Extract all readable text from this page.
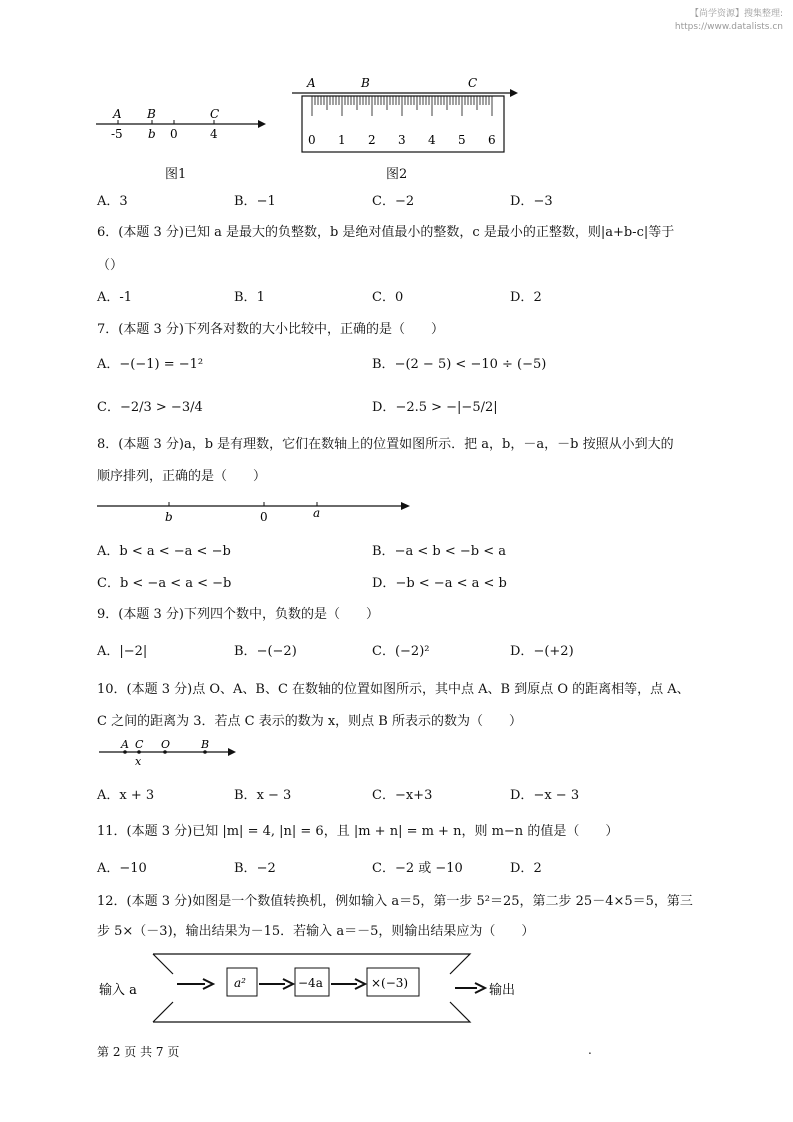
【尚学资源】搜集整理:
https://www.datalists.cn
A B	C
-5 b 0	4
图1
A	B	C
0 1 2 3 4 5 6
图2
A．3	B．−1	C．−2	D．−3
6．(本题 3 分)已知 a 是最大的负整数，b 是绝对值最小的整数，c 是最小的正整数，则|a+b-c|等于
（）
A．-1	B．1	C．0	D．2
7．(本题 3 分)下列各对数的大小比较中，正确的是（　　）
A．−(−1) = −1²	B．−(2 − 5) < −10 ÷ (−5)
C．−2/3 > −3/4	D．−2.5 > −|−5/2|
8．(本题 3 分)a，b 是有理数，它们在数轴上的位置如图所示．把 a，b，－a，－b 按照从小到大的
顺序排列，正确的是（　　）
b	0	a
A．b < a < −a < −b	B．−a < b < −b < a
C．b < −a < a < −b	D．−b < −a < a < b
9．(本题 3 分)下列四个数中，负数的是（　　）
A．|−2|	B．−(−2)	C．(−2)²	D．−(+2)
10．(本题 3 分)点 O、A、B、C 在数轴的位置如图所示，其中点 A、B 到原点 O 的距离相等，点 A、
C 之间的距离为 3．若点 C 表示的数为 x，则点 B 所表示的数为（　　）
A C O	B
x
A．x + 3	B．x − 3	C．−x+3	D．−x − 3
11．(本题 3 分)已知 |m| = 4, |n| = 6，且 |m + n| = m + n，则 m−n 的值是（　　）
A．−10	B．−2	C．−2 或 −10	D．2
12．(本题 3 分)如图是一个数值转换机，例如输入 a＝5，第一步 5²＝25，第二步 25－4×5＝5，第三
步 5×（－3)，输出结果为－15．若输入 a＝－5，则输出结果应为（　　）
输入 a	a²	−4a	×(−3)	输出
第 2 页 共 7 页	.
